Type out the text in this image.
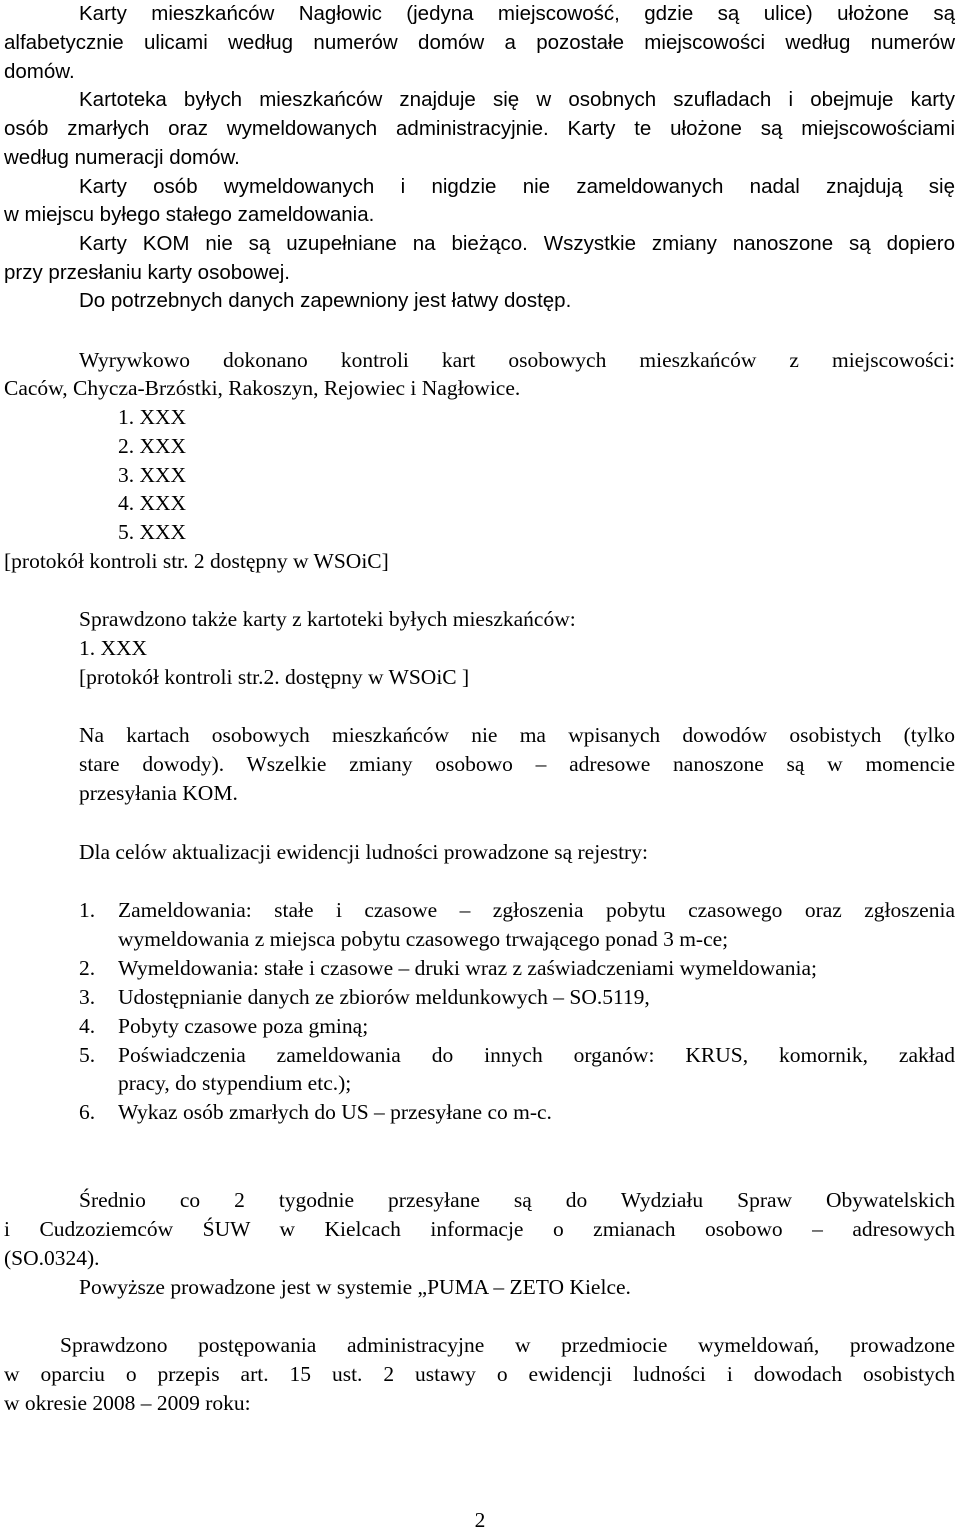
Karty mieszkańców Nagłowic (jedyna miejscowość, gdzie są ulice) ułożone są
alfabetycznie ulicami według numerów domów a pozostałe miejscowości według numerów
domów.
Kartoteka byłych mieszkańców znajduje się w osobnych szufladach i obejmuje karty
osób zmarłych oraz wymeldowanych administracyjnie. Karty te ułożone są miejscowościami
według numeracji domów.
Karty osób wymeldowanych i nigdzie nie zameldowanych nadal znajdują się
w miejscu byłego stałego zameldowania.
Karty KOM nie są uzupełniane na bieżąco. Wszystkie zmiany nanoszone są dopiero
przy przesłaniu karty osobowej.
Do potrzebnych danych zapewniony jest łatwy dostęp.
Wyrywkowo dokonano kontroli kart osobowych mieszkańców z miejscowości:
Caców, Chycza-Brzóstki, Rakoszyn, Rejowiec i Nagłowice.
1. XXX
2. XXX
3. XXX
4. XXX
5. XXX
[protokół kontroli str. 2 dostępny w WSOiC]
Sprawdzono także karty z kartoteki byłych mieszkańców:
1. XXX
[protokół kontroli str.2. dostępny w WSOiC ]
Na kartach osobowych mieszkańców nie ma wpisanych dowodów osobistych (tylko
stare dowody). Wszelkie zmiany osobowo – adresowe nanoszone są w momencie
przesyłania KOM.
Dla celów aktualizacji ewidencji ludności prowadzone są rejestry:
1. Zameldowania: stałe i czasowe – zgłoszenia pobytu czasowego oraz zgłoszenia
wymeldowania z miejsca pobytu czasowego trwającego ponad 3 m-ce;
2. Wymeldowania: stałe i czasowe – druki wraz z zaświadczeniami wymeldowania;
3. Udostępnianie danych ze zbiorów meldunkowych – SO.5119,
4. Pobyty czasowe poza gminą;
5. Poświadczenia zameldowania do innych organów: KRUS, komornik, zakład
pracy, do stypendium etc.);
6. Wykaz osób zmarłych do US – przesyłane co m-c.
Średnio co 2 tygodnie przesyłane są do Wydziału Spraw Obywatelskich
i Cudzoziemców ŚUW w Kielcach informacje o zmianach osobowo – adresowych
(SO.0324).
Powyższe prowadzone jest w systemie „PUMA – ZETO Kielce.
Sprawdzono postępowania administracyjne w przedmiocie wymeldowań, prowadzone
w oparciu o przepis art. 15 ust. 2 ustawy o ewidencji ludności i dowodach osobistych
w okresie 2008 – 2009 roku:
2
